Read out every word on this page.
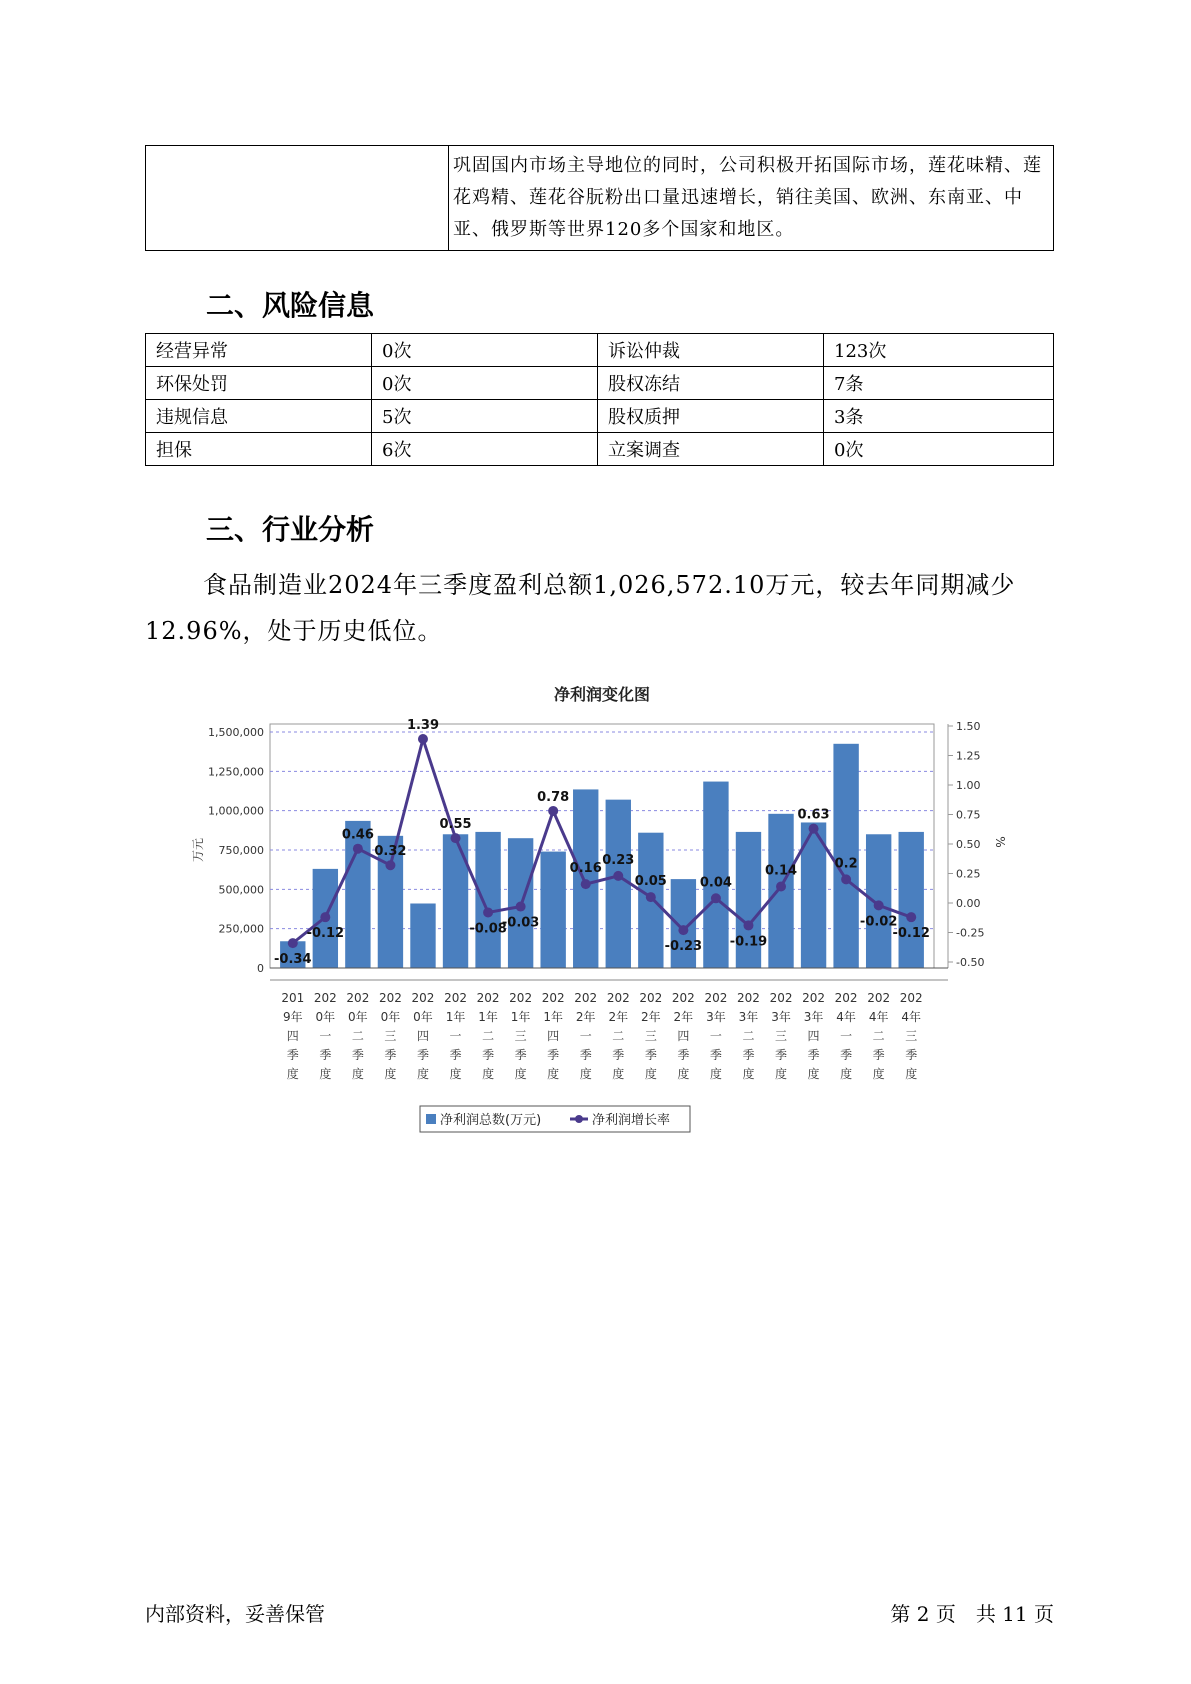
	巩固国内市场主导地位的同时，公司积极开拓国际市场，莲花味精、莲花鸡精、莲花谷朊粉出口量迅速增长，销往美国、欧洲、东南亚、中亚、俄罗斯等世界120多个国家和地区。
二、风险信息
经营异常	0次	诉讼仲裁	123次
环保处罚	0次	股权冻结	7条
违规信息	5次	股权质押	3条
担保	6次	立案调查	0次
三、行业分析

食品制造业2024年三季度盈利总额1,026,572.10万元，较去年同期减少12.96%，处于历史低位。

净利润变化图
1,500,000
1,250,000
1,000,000
750,000
500,000
250,000
0
1.50
1.25
1.00
0.75
0.50
0.25
0.00
-0.25
-0.50
万元	%
-0.34
-0.12
0.46
0.32
1.39
0.55
-0.08
-0.03
0.78
0.16
0.23
0.05
-0.23
0.04
-0.19
0.14
0.63
0.2
-0.02
-0.12
201
9年
四
季
度
202
0年
一
季
度
202
0年
二
季
度
202
0年
三
季
度
202
0年
四
季
度
202
1年
一
季
度
202
1年
二
季
度
202
1年
三
季
度
202
1年
四
季
度
202
2年
一
季
度
202
2年
二
季
度
202
2年
三
季
度
202
2年
四
季
度
202
3年
一
季
度
202
3年
二
季
度
202
3年
三
季
度
202
3年
四
季
度
202
4年
一
季
度
202
4年
二
季
度
202
4年
三
季
度
净利润总数(万元)	净利润增长率
内部资料，妥善保管	第 2 页　共 11 页
